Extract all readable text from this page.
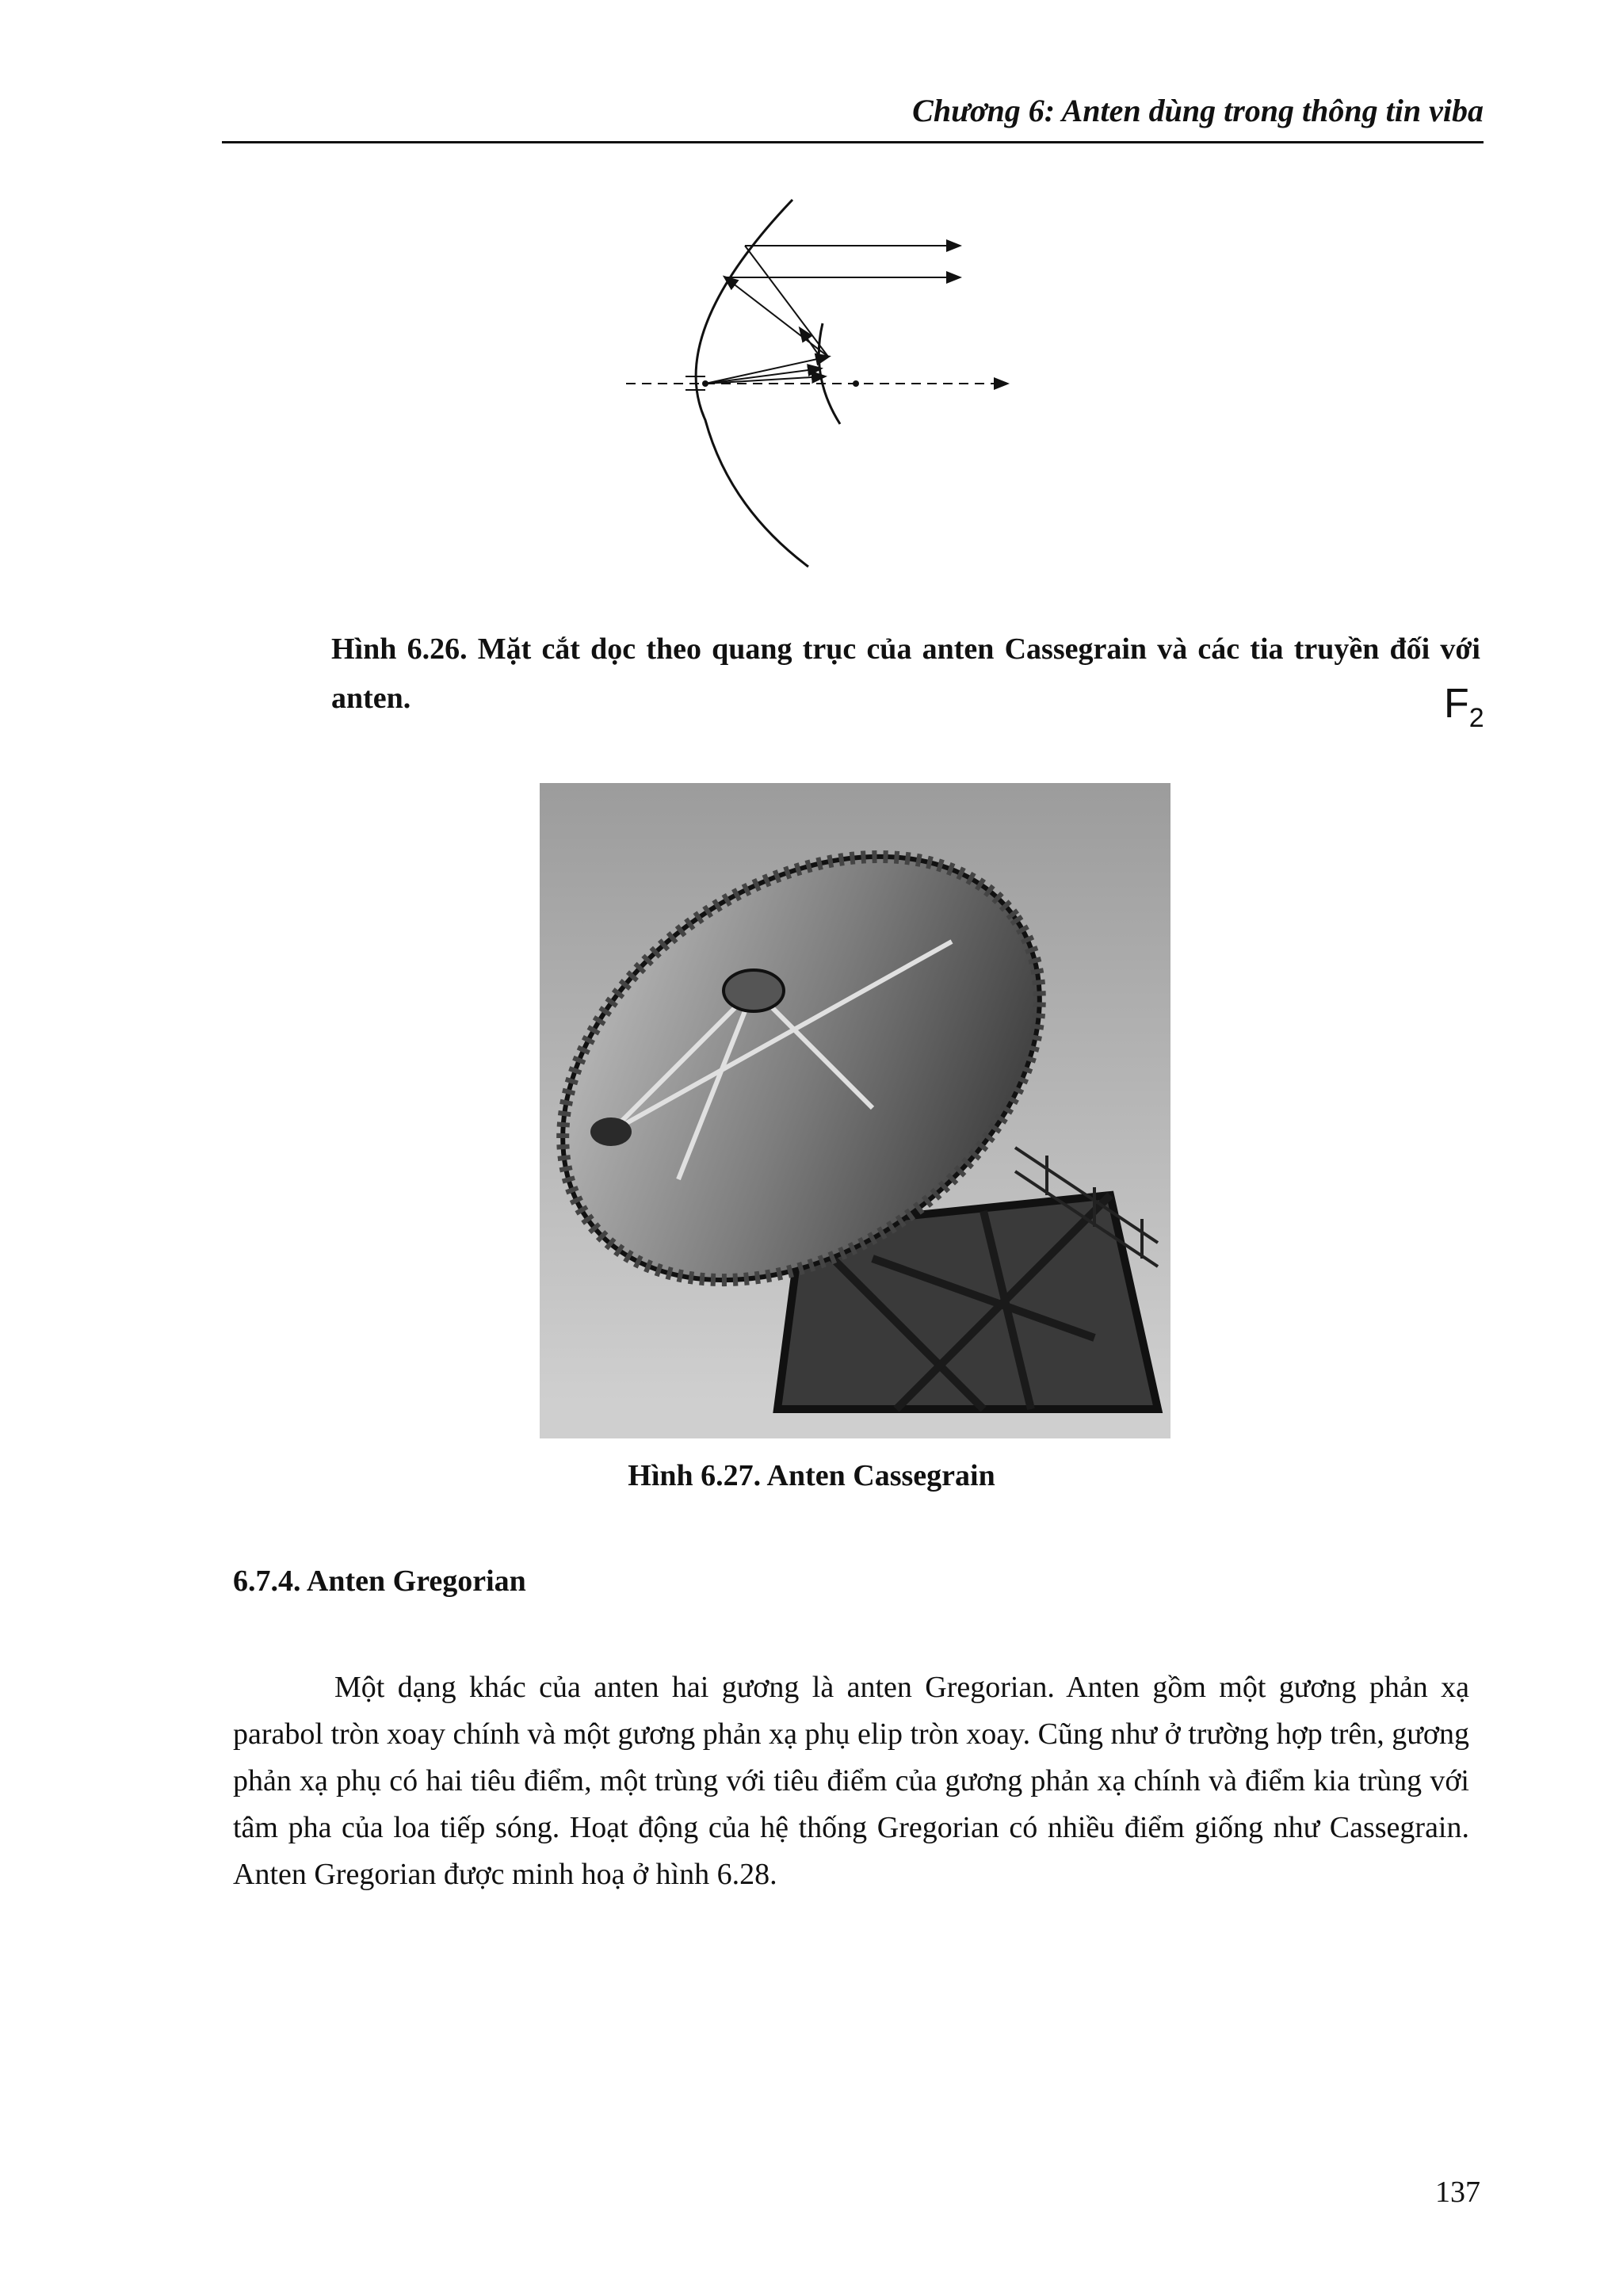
Chương 6: Anten dùng trong thông tin viba
Hình 6.26. Mặt cắt dọc theo quang trục của anten Cassegrain và các tia truyền đối với anten.	$F_2$
Hình 6.27. Anten Cassegrain
6.7.4. Anten Gregorian

Một dạng khác của anten hai gương là anten Gregorian. Anten gồm một gương phản xạ parabol tròn xoay chính và một gương phản xạ phụ elip tròn xoay. Cũng như ở trường hợp trên, gương phản xạ phụ có hai tiêu điểm, một trùng với tiêu điểm của gương phản xạ chính và điểm kia trùng với tâm pha của loa tiếp sóng. Hoạt động của hệ thống Gregorian có nhiều điểm giống như Cassegrain. Anten Gregorian được minh hoạ ở hình 6.28.

137
